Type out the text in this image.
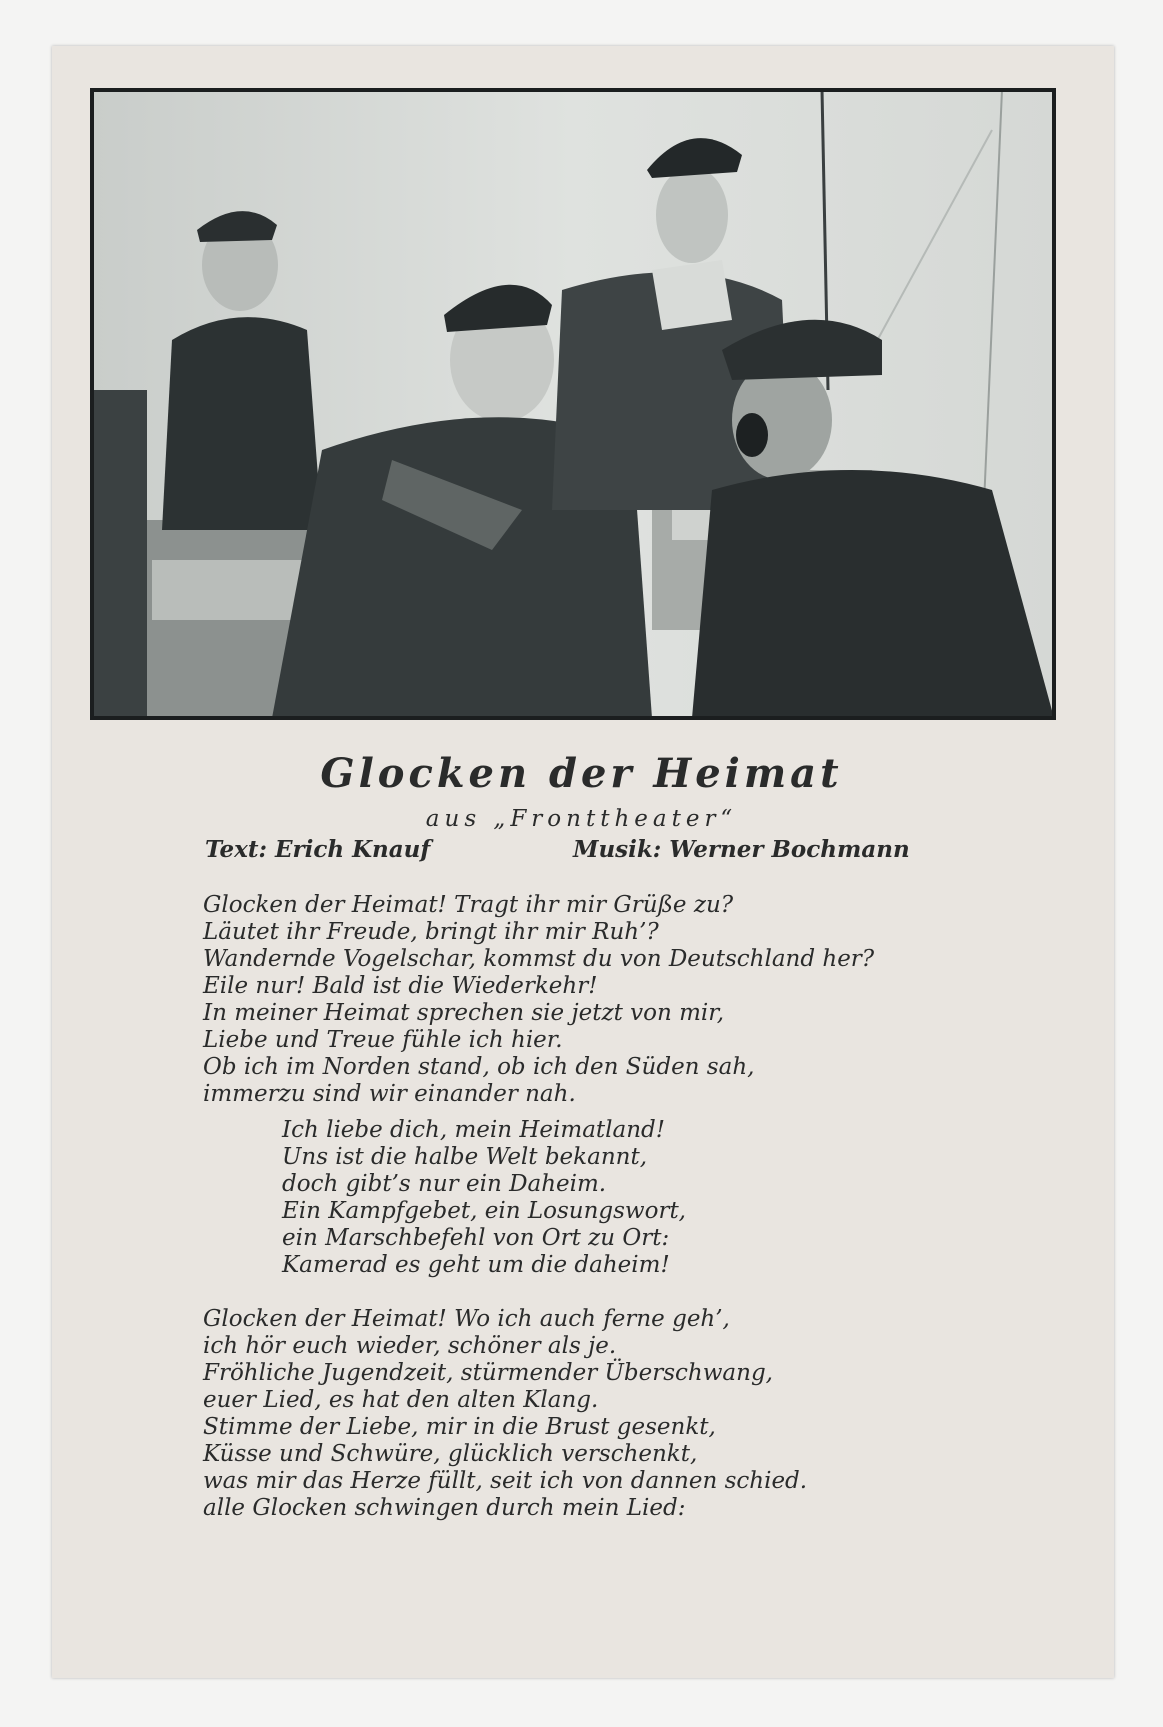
Glocken der Heimat
aus „Fronttheater“
Text: Erich Knauf	Musik: Werner Bochmann
Glocken der Heimat! Tragt ihr mir Grüße zu?
Läutet ihr Freude, bringt ihr mir Ruh’?
Wandernde Vogelschar, kommst du von Deutschland her?
Eile nur! Bald ist die Wiederkehr!
In meiner Heimat sprechen sie jetzt von mir,
Liebe und Treue fühle ich hier.
Ob ich im Norden stand, ob ich den Süden sah,
immerzu sind wir einander nah.
Ich liebe dich, mein Heimatland!
Uns ist die halbe Welt bekannt,
doch gibt’s nur ein Daheim.
Ein Kampfgebet, ein Losungswort,
ein Marschbefehl von Ort zu Ort:
Kamerad es geht um die daheim!
Glocken der Heimat! Wo ich auch ferne geh’,
ich hör euch wieder, schöner als je.
Fröhliche Jugendzeit, stürmender Überschwang,
euer Lied, es hat den alten Klang.
Stimme der Liebe, mir in die Brust gesenkt,
Küsse und Schwüre, glücklich verschenkt,
was mir das Herze füllt, seit ich von dannen schied.
alle Glocken schwingen durch mein Lied:
